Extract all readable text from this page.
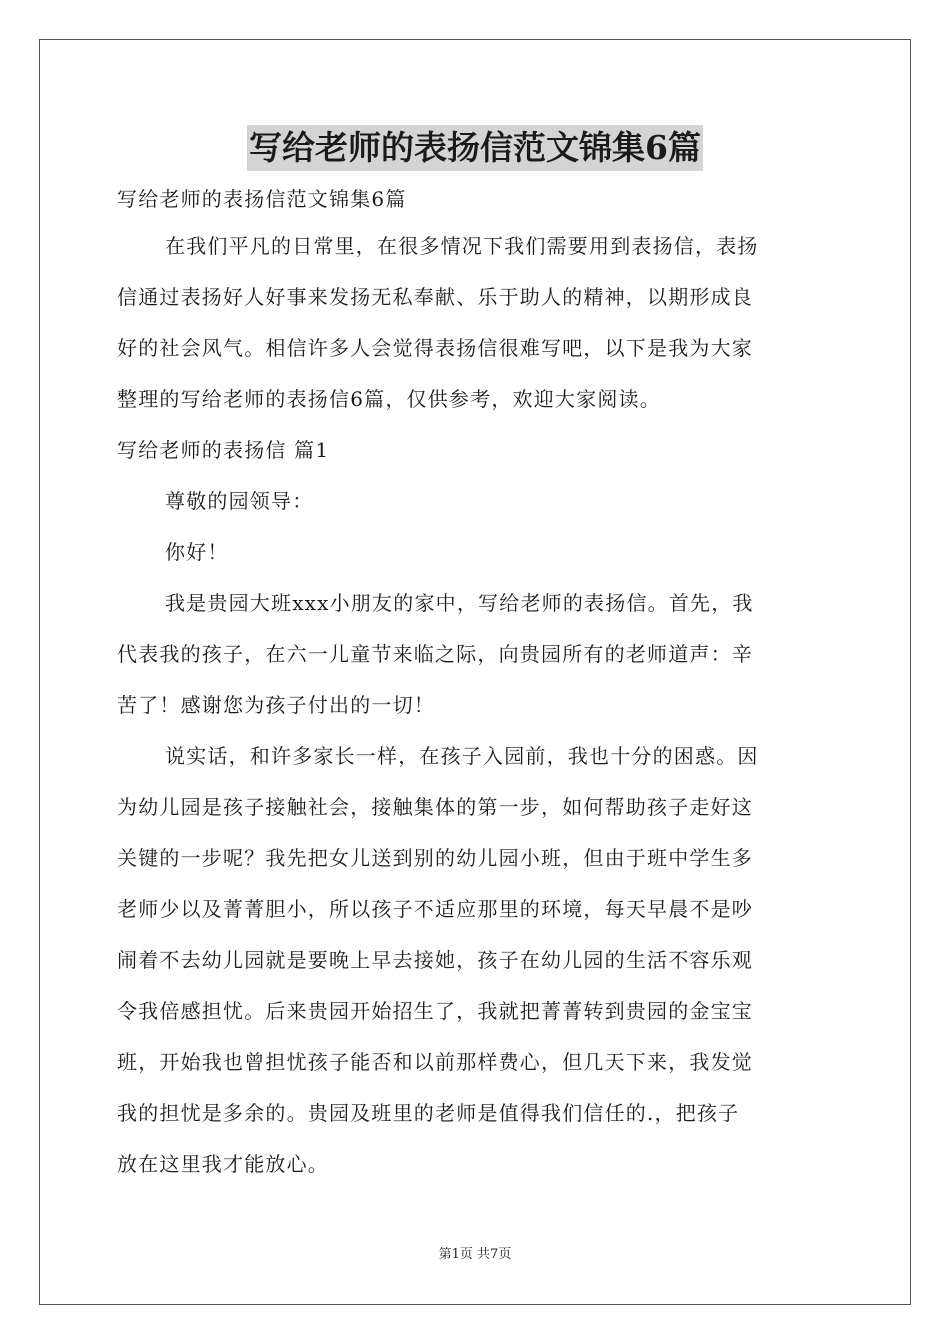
写给老师的表扬信范文锦集6篇
写给老师的表扬信范文锦集6篇
在我们平凡的日常里，在很多情况下我们需要用到表扬信，表扬
信通过表扬好人好事来发扬无私奉献、乐于助人的精神，以期形成良
好的社会风气。相信许多人会觉得表扬信很难写吧，以下是我为大家
整理的写给老师的表扬信6篇，仅供参考，欢迎大家阅读。
写给老师的表扬信 篇1
尊敬的园领导：
你好！
我是贵园大班xxx小朋友的家中，写给老师的表扬信。首先，我
代表我的孩子，在六一儿童节来临之际，向贵园所有的老师道声：辛
苦了！感谢您为孩子付出的一切！
说实话，和许多家长一样，在孩子入园前，我也十分的困惑。因
为幼儿园是孩子接触社会，接触集体的第一步，如何帮助孩子走好这
关键的一步呢？我先把女儿送到别的幼儿园小班，但由于班中学生多
老师少以及菁菁胆小，所以孩子不适应那里的环境，每天早晨不是吵
闹着不去幼儿园就是要晚上早去接她，孩子在幼儿园的生活不容乐观
令我倍感担忧。后来贵园开始招生了，我就把菁菁转到贵园的金宝宝
班，开始我也曾担忧孩子能否和以前那样费心，但几天下来，我发觉
我的担忧是多余的。贵园及班里的老师是值得我们信任的.，把孩子
放在这里我才能放心。
第1页 共7页
